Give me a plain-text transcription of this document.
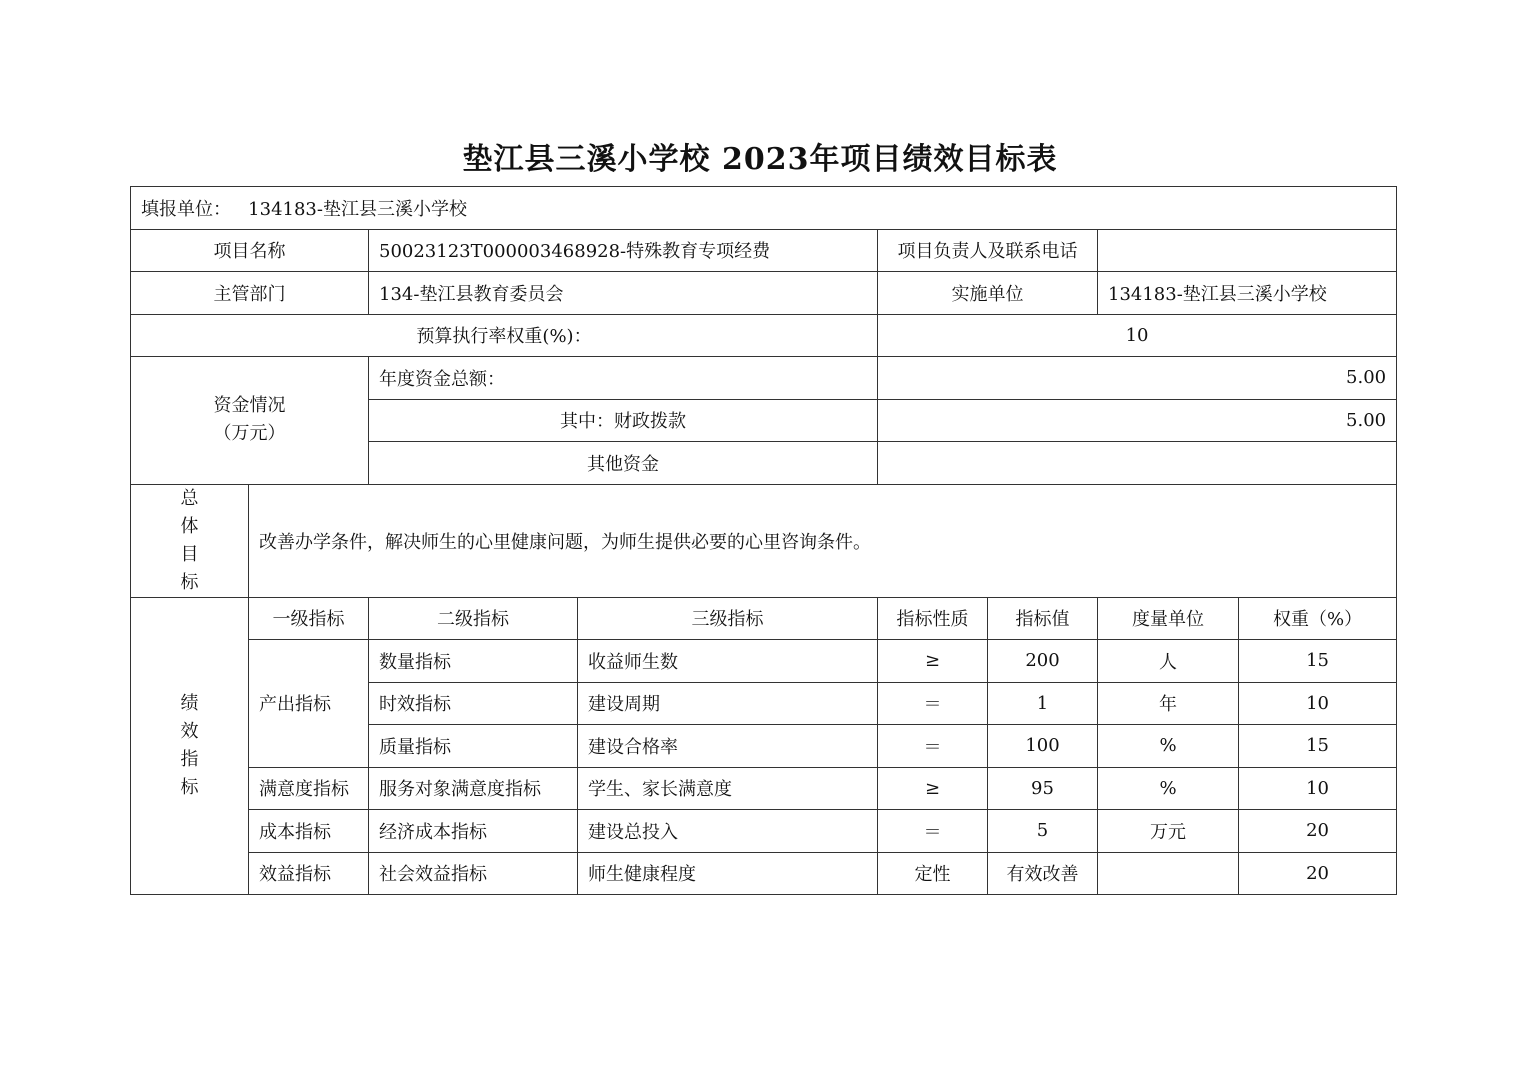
垫江县三溪小学校 2023年项目绩效目标表
填报单位： 134183-垫江县三溪小学校							
项目名称		50023123T000003468928-特殊教育专项经费		项目负责人及联系电话			
主管部门		134-垫江县教育委员会		实施单位		134183-垫江县三溪小学校	
预算执行率权重(%)：				10			
资金情况
（万元）		年度资金总额：		5.00			
		其中：财政拨款		5.00			
		其他资金					

总
体
目
标	改善办学条件，解决师生的心里健康问题，为师生提供必要的心里咨询条件。						

绩
效
指
标	一级指标	二级指标	三级指标	指标性质	指标值	度量单位	权重（%）
	产出指标	数量指标	收益师生数	≥	200	人	15
		时效指标	建设周期	＝	1	年	10
		质量指标	建设合格率	＝	100	%	15
	满意度指标	服务对象满意度指标	学生、家长满意度	≥	95	%	10
	成本指标	经济成本指标	建设总投入	＝	5	万元	20
	效益指标	社会效益指标	师生健康程度	定性	有效改善		20
